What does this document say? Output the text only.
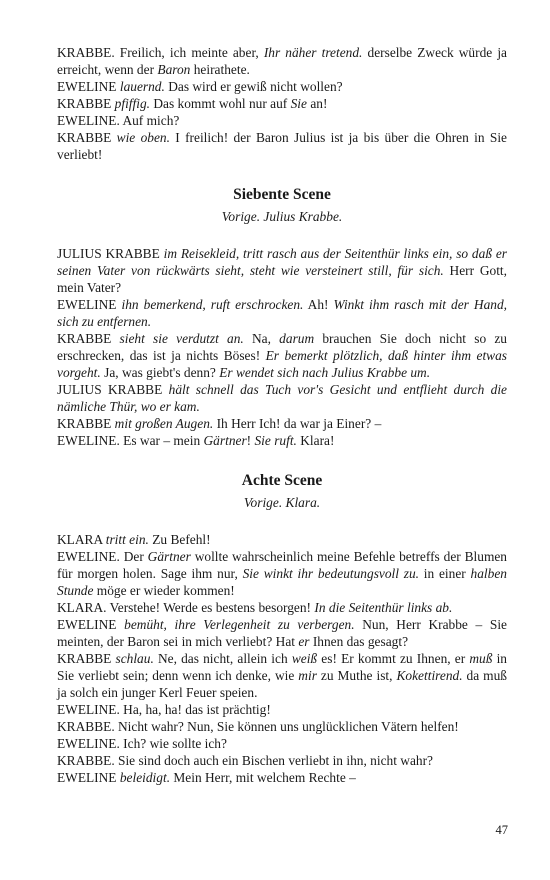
KRABBE. Freilich, ich meinte aber, Ihr näher tretend. derselbe Zweck würde ja erreicht, wenn der Baron heirathete.

EWELINE lauernd. Das wird er gewiß nicht wollen?

KRABBE pfiffig. Das kommt wohl nur auf Sie an!

EWELINE. Auf mich?

KRABBE wie oben. I freilich! der Baron Julius ist ja bis über die Ohren in Sie verliebt!

Siebente Scene
Vorige. Julius Krabbe.

JULIUS KRABBE im Reisekleid, tritt rasch aus der Seitenthür links ein, so daß er seinen Vater von rückwärts sieht, steht wie versteinert still, für sich. Herr Gott, mein Vater?

EWELINE ihn bemerkend, ruft erschrocken. Ah! Winkt ihm rasch mit der Hand, sich zu entfernen.

KRABBE sieht sie verdutzt an. Na, darum brauchen Sie doch nicht so zu erschrecken, das ist ja nichts Böses! Er bemerkt plötzlich, daß hinter ihm etwas vorgeht. Ja, was giebt's denn? Er wendet sich nach Julius Krabbe um.

JULIUS KRABBE hält schnell das Tuch vor's Gesicht und entflieht durch die nämliche Thür, wo er kam.

KRABBE mit großen Augen. Ih Herr Ich! da war ja Einer? –

EWELINE. Es war – mein Gärtner! Sie ruft. Klara!

Achte Scene
Vorige. Klara.

KLARA tritt ein. Zu Befehl!

EWELINE. Der Gärtner wollte wahrscheinlich meine Befehle betreffs der Blumen für morgen holen. Sage ihm nur, Sie winkt ihr bedeutungsvoll zu. in einer halben Stunde möge er wieder kommen!

KLARA. Verstehe! Werde es bestens besorgen! In die Seitenthür links ab.

EWELINE bemüht, ihre Verlegenheit zu verbergen. Nun, Herr Krabbe – Sie meinten, der Baron sei in mich verliebt? Hat er Ihnen das gesagt?

KRABBE schlau. Ne, das nicht, allein ich weiß es! Er kommt zu Ihnen, er muß in Sie verliebt sein; denn wenn ich denke, wie mir zu Muthe ist, Kokettirend. da muß ja solch ein junger Kerl Feuer speien.

EWELINE. Ha, ha, ha! das ist prächtig!

KRABBE. Nicht wahr? Nun, Sie können uns unglücklichen Vätern helfen!

EWELINE. Ich? wie sollte ich?

KRABBE. Sie sind doch auch ein Bischen verliebt in ihn, nicht wahr?

EWELINE beleidigt. Mein Herr, mit welchem Rechte –

47
